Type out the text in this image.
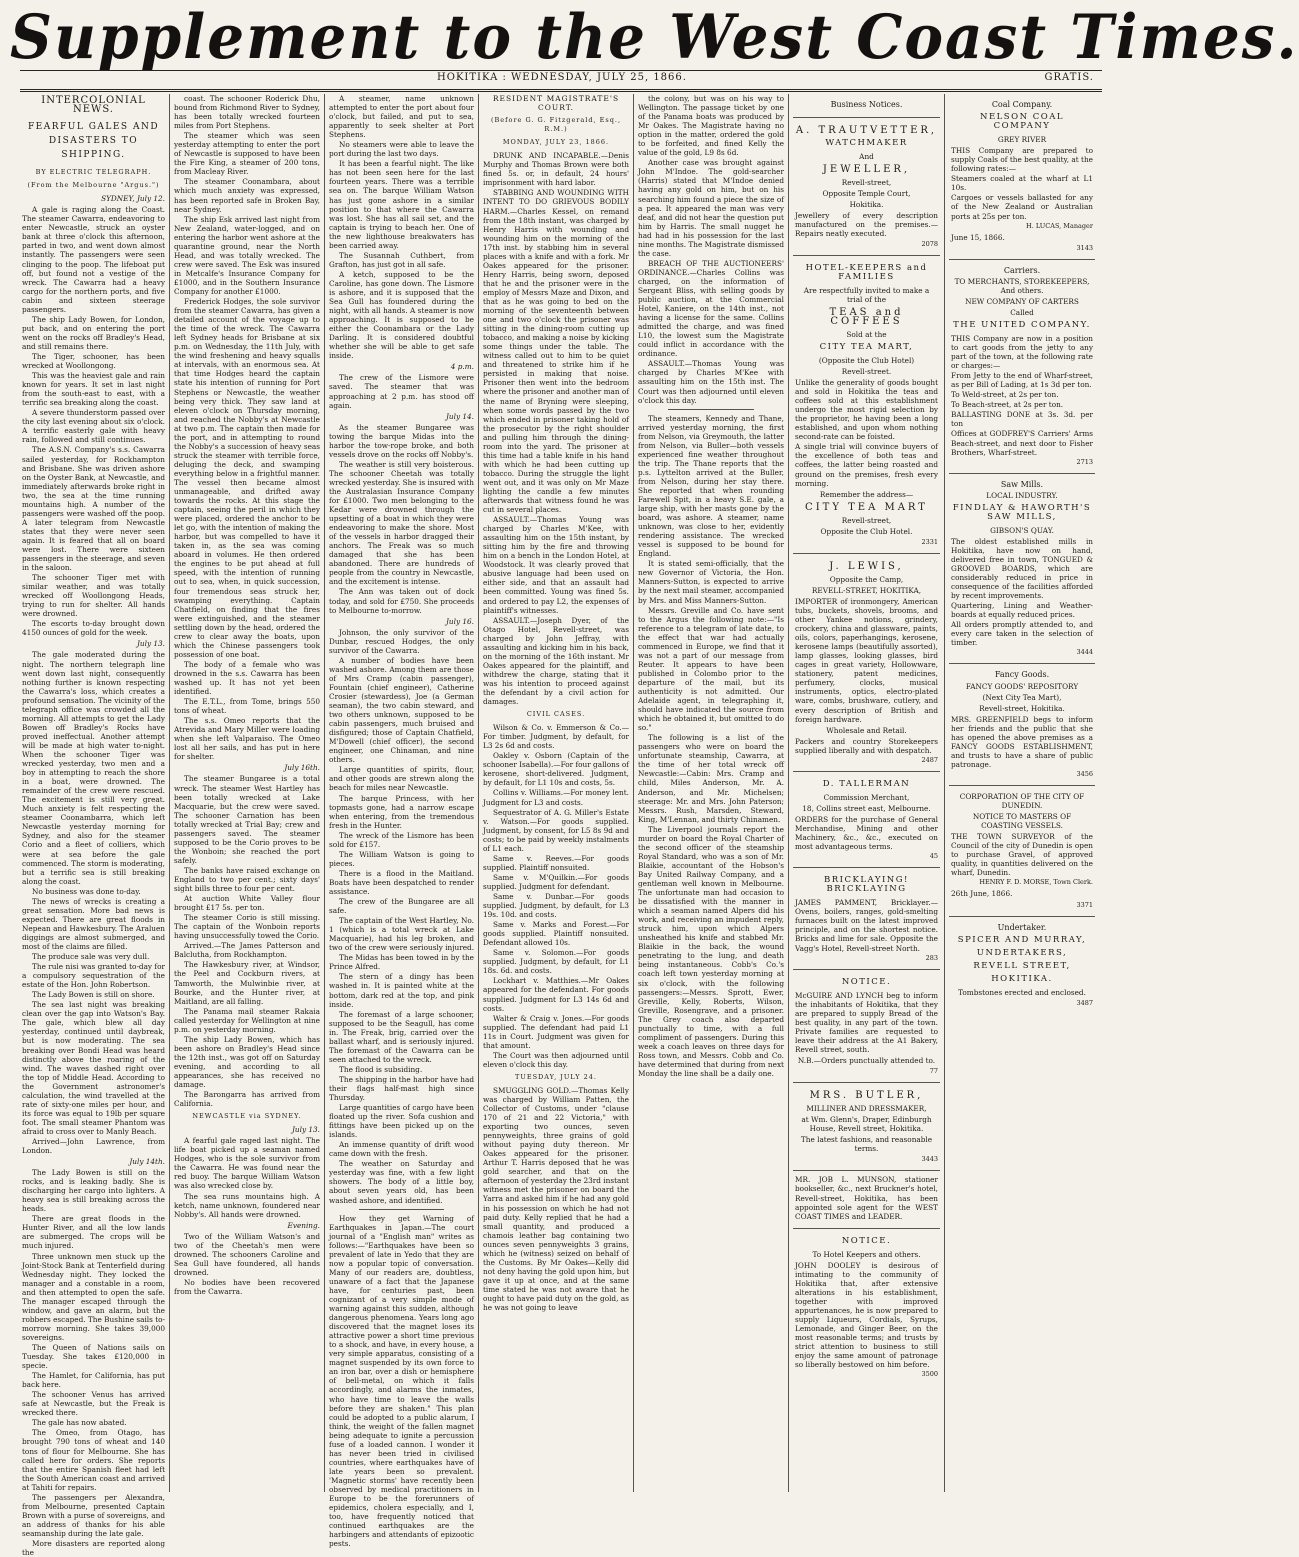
Supplement to the West Coast Times.
HOKITIKA : WEDNESDAY, JULY 25, 1866.	GRATIS.
INTERCOLONIAL NEWS.
FEARFUL GALES AND DISASTERS TO SHIPPING.
BY ELECTRIC TELEGRAPH.
(From the Melbourne "Argus.")
SYDNEY, July 12.

A gale is raging along the Coast. The steamer Cawarra, endeavoring to enter Newcastle, struck an oyster bank at three o'clock this afternoon, parted in two, and went down almost instantly. The passengers were seen clinging to the poop. The lifeboat put off, but found not a vestige of the wreck. The Cawarra had a heavy cargo for the northern ports, and five cabin and sixteen steerage passengers.

The ship Lady Bowen, for London, put back, and on entering the port went on the rocks off Bradley's Head, and still remains there.

The Tiger, schooner, has been wrecked at Woollongong.

This was the heaviest gale and rain known for years. It set in last night from the south-east to east, with a terrific sea breaking along the coast.

A severe thunderstorm passed over the city last evening about six o'clock. A terrific easterly gale with heavy rain, followed and still continues.

The A.S.N. Company's s.s. Cawarra sailed yesterday, for Rockhampton and Brisbane. She was driven ashore on the Oyster Bank, at Newcastle, and immediately afterwards broke right in two, the sea at the time running mountains high. A number of the passengers were washed off the poop. A later telegram from Newcastle states that they were never seen again. It is feared that all on board were lost. There were sixteen passengers in the steerage, and seven in the saloon.

The schooner Tiger met with similar weather, and was totally wrecked off Woollongong Heads, trying to run for shelter. All hands were drowned.

The escorts to-day brought down 4150 ounces of gold for the week.

July 13.

The gale moderated during the night. The northern telegraph line went down last night, consequently nothing further is known respecting the Cawarra's loss, which creates a profound sensation. The vicinity of the telegraph office was crowded all the morning. All attempts to get the Lady Bowen off Bradley's Rocks have proved ineffectual. Another attempt will be made at high water to-night. When the schooner Tiger was wrecked yesterday, two men and a boy in attempting to reach the shore in a boat, were drowned. The remainder of the crew were rescued. The excitement is still very great. Much anxiety is felt respecting the steamer Coonambarra, which left Newcastle yesterday morning for Sydney, and also for the steamer Corio and a fleet of colliers, which were at sea before the gale commenced. The storm is moderating, but a terrific sea is still breaking along the coast.

No business was done to-day.

The news of wrecks is creating a great sensation. More bad news is expected. There are great floods in Nepean and Hawkesbury. The Araluen diggings are almost submerged, and most of the claims are filled.

The produce sale was very dull.

The rule nisi was granted to-day for a compulsory sequestration of the estate of the Hon. John Robertson.

The Lady Bowen is still on shore.

The sea last night was breaking clean over the gap into Watson's Bay. The gale, which blew all day yesterday, continued until daybreak, but is now moderating. The sea breaking over Bondi Head was heard distinctly above the roaring of the wind. The waves dashed right over the top of Middle Head. According to the Government astronomer's calculation, the wind travelled at the rate of sixty-one miles per hour, and its force was equal to 19lb per square foot. The small steamer Phantom was afraid to cross over to Manly Beach.

Arrived—John Lawrence, from London.

July 14th.

The Lady Bowen is still on the rocks, and is leaking badly. She is discharging her cargo into lighters. A heavy sea is still breaking across the heads.

There are great floods in the Hunter River, and all the low lands are submerged. The crops will be much injured.

Three unknown men stuck up the Joint-Stock Bank at Tenterfield during Wednesday night. They locked the manager and a constable in a room, and then attempted to open the safe. The manager escaped through the window, and gave an alarm, but the robbers escaped. The Bushine sails to-morrow morning. She takes 39,000 sovereigns.

The Queen of Nations sails on Tuesday. She takes £120,000 in specie.

The Hamlet, for California, has put back here.

The schooner Venus has arrived safe at Newcastle, but the Freak is wrecked there.

The gale has now abated.

The Omeo, from Otago, has brought 790 tons of wheat and 140 tons of flour for Melbourne. She has called here for orders. She reports that the entire Spanish fleet had left the South American coast and arrived at Tahiti for repairs.

The passengers per Alexandra, from Melbourne, presented Captain Brown with a purse of sovereigns, and an address of thanks for his able seamanship during the late gale.

More disasters are reported along the

coast. The schooner Roderick Dhu, bound from Richmond River to Sydney, has been totally wrecked fourteen miles from Port Stephens.

The steamer which was seen yesterday attempting to enter the port of Newcastle is supposed to have been the Fire King, a steamer of 200 tons, from Macleay River.

The steamer Coonambara, about which much anxiety was expressed, has been reported safe in Broken Bay, near Sydney.

The ship Esk arrived last night from New Zealand, water-logged, and on entering the harbor went ashore at the quarantine ground, near the North Head, and was totally wrecked. The crew were saved. The Esk was insured in Metcalfe's Insurance Company for £1000, and in the Southern Insurance Company for another £1000.

Frederick Hodges, the sole survivor from the steamer Cawarra, has given a detailed account of the voyage up to the time of the wreck. The Cawarra left Sydney heads for Brisbane at six p.m. on Wednesday, the 11th July, with the wind freshening and heavy squalls at intervals, with an enormous sea. At that time Hodges heard the captain state his intention of running for Port Stephens or Newcastle, the weather being very thick. They saw land at eleven o'clock on Thursday morning, and reached the Nobby's at Newcastle at two p.m. The captain then made for the port, and in attempting to round the Nobby's a succession of heavy seas struck the steamer with terrible force, deluging the deck, and swamping everything below in a frightful manner. The vessel then became almost unmanageable, and drifted away towards the rocks. At this stage the captain, seeing the peril in which they were placed, ordered the anchor to be let go, with the intention of making the harbor, but was compelled to have it taken in, as the sea was coming aboard in volumes. He then ordered the engines to be put ahead at full speed, with the intention of running out to sea, when, in quick succession, four tremendous seas struck her, swamping everything. Captain Chatfield, on finding that the fires were extinguished, and the steamer settling down by the head, ordered the crew to clear away the boats, upon which the Chinese passengers took possession of one boat.

The body of a female who was drowned in the s.s. Cawarra has been washed up. It has not yet been identified.

The E.T.L., from Tome, brings 550 tons of wheat.

The s.s. Omeo reports that the Atrevida and Mary Miller were loading when she left Valparaiso. The Omeo lost all her sails, and has put in here for shelter.

July 16th.

The steamer Bungaree is a total wreck. The steamer West Hartley has been totally wrecked at Lake Macquarie, but the crew were saved. The schooner Carnation has been totally wrecked at Trial Bay; crew and passengers saved. The steamer supposed to be the Corio proves to be the Wonboin; she reached the port safely.

The banks have raised exchange on England to two per cent.; sixty days' sight bills three to four per cent.

At auction White Valley flour brought £17 5s. per ton.

The steamer Corio is still missing. The captain of the Wonboin reports having unsuccessfully towed the Corio.

Arrived.—The James Patterson and Balclutha, from Rockhampton.

The Hawkesbury river, at Windsor, the Peel and Cockburn rivers, at Tamworth, the Mulwinbie river, at Bourke, and the Hunter river, at Maitland, are all falling.

The Panama mail steamer Rakaia called yesterday for Wellington at nine p.m. on yesterday morning.

The ship Lady Bowen, which has been ashore on Bradley's Head since the 12th inst., was got off on Saturday evening, and according to all appearances, she has received no damage.

The Barongarra has arrived from California.

NEWCASTLE via SYDNEY.
July 13.

A fearful gale raged last night. The life boat picked up a seaman named Hodges, who is the sole survivor from the Cawarra. He was found near the red buoy. The barque William Watson was also wrecked close by.

The sea runs mountains high. A ketch, name unknown, foundered near Nobby's. All hands were drowned.

Evening.

Two of the William Watson's and two of the Cheetah's men were drowned. The schooners Caroline and Sea Gull have foundered, all hands drowned.

No bodies have been recovered from the Cawarra.

A steamer, name unknown attempted to enter the port about four o'clock, but failed, and put to sea, apparently to seek shelter at Port Stephens.

No steamers were able to leave the port during the last two days.

It has been a fearful night. The like has not been seen here for the last fourteen years. There was a terrible sea on. The barque William Watson has just gone ashore in a similar position to that where the Cawarra was lost. She has all sail set, and the captain is trying to beach her. One of the new lighthouse breakwaters has been carried away.

The Susannah Cuthbert, from Grafton, has just got in all safe.

A ketch, supposed to be the Caroline, has gone down. The Lismore is ashore, and it is supposed that the Sea Gull has foundered during the night, with all hands. A steamer is now approaching. It is supposed to be either the Coonambara or the Lady Darling. It is considered doubtful whether she will be able to get safe inside.

4 p.m.

The crew of the Lismore were saved. The steamer that was approaching at 2 p.m. has stood off again.

July 14.

As the steamer Bungaree was towing the barque Midas into the harbor the tow-rope broke, and both vessels drove on the rocks off Nobby's.

The weather is still very boisterous. The schooner Cheetah was totally wrecked yesterday. She is insured with the Australasian Insurance Company for £1000. Two men belonging to the Kedar were drowned through the upsetting of a boat in which they were endeavoring to make the shore. Most of the vessels in harbor dragged their anchors. The Freak was so much damaged that she has been abandoned. There are hundreds of people from the country in Newcastle, and the excitement is intense.

The Ann was taken out of dock today, and sold for £750. She proceeds to Melbourne to-morrow.

July 16.

Johnson, the only survivor of the Dunbar, rescued Hodges, the only survivor of the Cawarra.

A number of bodies have been washed ashore. Among them are those of Mrs Cramp (cabin passenger), Fountain (chief engineer), Catherine Crosier (stewardess), Joe (a German seaman), the two cabin steward, and two others unknown, supposed to be cabin passengers, much bruised and disfigured; those of Captain Chatfield, M'Dowell (chief officer), the second engineer, one Chinaman, and nine others.

Large quantities of spirits, flour, and other goods are strewn along the beach for miles near Newcastle.

The barque Princess, with her topmasts gone, had a narrow escape when entering, from the tremendous fresh in the Hunter.

The wreck of the Lismore has been sold for £157.

The William Watson is going to pieces.

There is a flood in the Maitland. Boats have been despatched to render assistance.

The crew of the Bungaree are all safe.

The captain of the West Hartley, No. 1 (which is a total wreck at Lake Macquarie), had his leg broken, and two of the crew were seriously injured.

The Midas has been towed in by the Prince Alfred.

The stern of a dingy has been washed in. It is painted white at the bottom, dark red at the top, and pink inside.

The foremast of a large schooner, supposed to be the Seagull, has come in. The Freak, brig, carried over the ballast wharf, and is seriously injured. The foremast of the Cawarra can be seen attached to the wreck.

The flood is subsiding.

The shipping in the harbor have had their flags half-mast high since Thursday.

Large quantities of cargo have been floated up the river. Sofa cushion and fittings have been picked up on the islands.

An immense quantity of drift wood came down with the fresh.

The weather on Saturday and yesterday was fine, with a few light showers. The body of a little boy, about seven years old, has been washed ashore, and identified.

How they get Warning of Earthquakes in Japan.—The court journal of a "English man" writes as follows:—"Earthquakes have been so prevalent of late in Yedo that they are now a popular topic of conversation. Many of our readers are, doubtless, unaware of a fact that the Japanese have, for centuries past, been cognizant of a very simple mode of warning against this sudden, although dangerous phenomena. Years long ago discovered that the magnet loses its attractive power a short time previous to a shock, and have, in every house, a very simple apparatus, consisting of a magnet suspended by its own force to an iron bar, over a dish or hemisphere of bell-metal, on which it falls accordingly, and alarms the inmates, who have time to leave the walls before they are shaken." This plan could be adopted to a public alarum, I think, the weight of the fallen magnet being adequate to ignite a percussion fuse of a loaded cannon. I wonder it has never been tried in civilised countries, where earthquakes have of late years been so prevalent. 'Magnetic storms' have recently been observed by medical practitioners in Europe to be the forerunners of epidemics, cholera especially, and I, too, have frequently noticed that continued earthquakes are the harbingers and attendants of epizootic pests.

RESIDENT MAGISTRATE'S COURT.
(Before G. G. Fitzgerald, Esq., R.M.)
MONDAY, JULY 23, 1866.

DRUNK AND INCAPABLE.—Denis Murphy and Thomas Brown were both fined 5s. or, in default, 24 hours' imprisonment with hard labor.

STABBING AND WOUNDING WITH INTENT TO DO GRIEVOUS BODILY HARM.—Charles Kessel, on remand from the 18th instant, was charged by Henry Harris with wounding and wounding him on the morning of the 17th inst. by stabbing him in several places with a knife and with a fork. Mr Oakes appeared for the prisoner. Henry Harris, being sworn, deposed that he and the prisoner were in the employ of Messrs Maze and Dixon, and that as he was going to bed on the morning of the seventeenth between one and two o'clock the prisoner was sitting in the dining-room cutting up tobacco, and making a noise by kicking some things under the table. The witness called out to him to be quiet and threatened to strike him if he persisted in making that noise. Prisoner then went into the bedroom where the prisoner and another man of the name of Bryning were sleeping, when some words passed by the two which ended in prisoner taking hold of the prosecutor by the right shoulder and pulling him through the dining-room into the yard. The prisoner at this time had a table knife in his hand with which he had been cutting up tobacco. During the struggle the light went out, and it was only on Mr Maze lighting the candle a few minutes afterwards that witness found he was cut in several places.

ASSAULT.—Thomas Young was charged by Charles M'Kee, with assaulting him on the 15th instant, by sitting him by the fire and throwing him on a bench in the London Hotel, at Woodstock. It was clearly proved that abusive language had been used on either side, and that an assault had been committed. Young was fined 5s. and ordered to pay L2, the expenses of plaintiff's witnesses.

ASSAULT.—Joseph Dyer, of the Otago Hotel, Revell-street, was charged by John Jeffray, with assaulting and kicking him in his back, on the morning of the 16th instant. Mr Oakes appeared for the plaintiff, and withdrew the charge, stating that it was his intention to proceed against the defendant by a civil action for damages.

CIVIL CASES.

Wilson & Co. v. Emmerson & Co.—For timber. Judgment, by default, for L3 2s 6d and costs.

Oakley v. Osborn (Captain of the schooner Isabella).—For four gallons of kerosene, short-delivered. Judgment, by default, for L1 10s and costs, 5s.

Collins v. Williams.—For money lent. Judgment for L3 and costs.

Sequestrator of A. G. Miller's Estate v. Watson.—For goods supplied. Judgment, by consent, for L5 8s 9d and costs; to be paid by weekly instalments of L1 each.

Same v. Reeves.—For goods supplied. Plaintiff nonsuited.

Same v. M'Quilkin.—For goods supplied. Judgment for defendant.

Same v. Dunbar.—For goods supplied. Judgment, by default, for L3 19s. 10d. and costs.

Same v. Marks and Forest.—For goods supplied. Plaintiff nonsuited. Defendant allowed 10s.

Same v. Solomon.—For goods supplied. Judgment, by default, for L1 18s. 6d. and costs.

Lockhart v. Matthies.—Mr Oakes appeared for the defendant. For goods supplied. Judgment for L3 14s 6d and costs.

Walter & Craig v. Jones.—For goods supplied. The defendant had paid L1 11s in Court. Judgment was given for that amount.

The Court was then adjourned until eleven o'clock this day.

TUESDAY, JULY 24.

SMUGGLING GOLD.—Thomas Kelly was charged by William Patten, the Collector of Customs, under "clause 170 of 21 and 22 Victoria," with exporting two ounces, seven pennyweights, three grains of gold without paying duty thereon. Mr Oakes appeared for the prisoner. Arthur T. Harris deposed that he was gold searcher, and that on the afternoon of yesterday the 23rd instant witness met the prisoner on board the Yarra and asked him if he had any gold in his possession on which he had not paid duty. Kelly replied that he had a small quantity, and produced a chamois leather bag containing two ounces seven pennyweights 3 grains, which he (witness) seized on behalf of the Customs. By Mr Oakes—Kelly did not deny having the gold upon him, but gave it up at once, and at the same time stated he was not aware that he ought to have paid duty on the gold, as he was not going to leave

the colony, but was on his way to Wellington. The passage ticket by one of the Panama boats was produced by Mr Oakes. The Magistrate having no option in the matter, ordered the gold to be forfeited, and fined Kelly the value of the gold, L9 8s 6d.

Another case was brought against John M'Indoe. The gold-searcher (Harris) stated that M'Indoe denied having any gold on him, but on his searching him found a piece the size of a pea. It appeared the man was very deaf, and did not hear the question put him by Harris. The small nugget he had had in his possession for the last nine months. The Magistrate dismissed the case.

BREACH OF THE AUCTIONEERS' ORDINANCE.—Charles Collins was charged, on the information of Sergeant Bliss, with selling goods by public auction, at the Commercial Hotel, Kaniere, on the 14th inst., not having a license for the same. Collins admitted the charge, and was fined L10, the lowest sum the Magistrate could inflict in accordance with the ordinance.

ASSAULT.—Thomas Young was charged by Charles M'Kee with assaulting him on the 15th inst. The Court was then adjourned until eleven o'clock this day.

The steamers, Kennedy and Thane, arrived yesterday morning, the first from Nelson, via Greymouth, the latter from Nelson, via Buller—both vessels experienced fine weather throughout the trip. The Thane reports that the p.s. Lyttelton arrived at the Buller, from Nelson, during her stay there. She reported that when rounding Farewell Spit, in a heavy S.E. gale, a large ship, with her masts gone by the board, was ashore. A steamer, name unknown, was close to her, evidently rendering assistance. The wrecked vessel is supposed to be bound for England.

It is stated semi-officially, that the new Governor of Victoria, the Hon. Manners-Sutton, is expected to arrive by the next mail steamer, accompanied by Mrs. and Miss Manners-Sutton.

Messrs. Greville and Co. have sent to the Argus the following note:—"Is reference to a telegram of late date, to the effect that war had actually commenced in Europe, we find that it was not a part of our message from Reuter. It appears to have been published in Colombo prior to the departure of the mail, but its authenticity is not admitted. Our Adelaide agent, in telegraphing it, should have indicated the source from which he obtained it, but omitted to do so."

The following is a list of the passengers who were on board the unfortunate steamship, Cawarra, at the time of her total wreck off Newcastle:—Cabin: Mrs. Cramp and child, Miles Anderson, Mr. A. Anderson, and Mr. Michelsen; steerage: Mr. and Mrs. John Paterson; Messrs. Rush, Marsden, Steward, King, M'Lennan, and thirty Chinamen.

The Liverpool journals report the murder on board the Royal Charter of the second officer of the steamship Royal Standard, who was a son of Mr. Blaikie, accountant of the Hobson's Bay United Railway Company, and a gentleman well known in Melbourne. The unfortunate man had occasion to be dissatisfied with the manner in which a seaman named Alpers did his work, and receiving an impudent reply, struck him, upon which Alpers unsheathed his knife and stabbed Mr. Blaikie in the back, the wound penetrating to the lung, and death being instantaneous. Cobb's Co.'s coach left town yesterday morning at six o'clock, with the following passengers:—Messrs. Sprott, Ewer, Greville, Kelly, Roberts, Wilson, Greville, Rosengrave, and a prisoner. The Grey coach also departed punctually to time, with a full compliment of passengers. During this week a coach leaves on three days for Ross town, and Messrs. Cobb and Co. have determined that during from next Monday the line shall be a daily one.

Business Notices.
A. TRAUTVETTER,
WATCHMAKER
And
JEWELLER,
Revell-street,
Opposite Temple Court,
Hokitika.

Jewellery of every description manufactured on the premises.—Repairs neatly executed.

2078
HOTEL-KEEPERS and FAMILIES
Are respectfully invited to make a trial of the
TEAS and COFFEES
Sold at the
CITY TEA MART,
(Opposite the Club Hotel)
Revell-street.

Unlike the generality of goods bought and sold in Hokitika the teas and coffees sold at this establishment undergo the most rigid selection by the proprietor, he having been a long established, and upon whom nothing second-rate can be foisted.

A single trial will convince buyers of the excellence of both teas and coffees, the latter being roasted and ground on the premises, fresh every morning.

Remember the address—
CITY TEA MART
Revell-street,
Opposite the Club Hotel.
2331
J. LEWIS,
Opposite the Camp,
REVELL-STREET, HOKITIKA,

IMPORTER of ironmongery, American tubs, buckets, shovels, brooms, and other Yankee notions, grindery, crockery, china and glassware, paints, oils, colors, paperhangings, kerosene, kerosene lamps (beautifully assorted), lamp glasses, looking glasses, bird cages in great variety, Hollowware, stationery, patent medicines, perfumery, clocks, musical instruments, optics, electro-plated ware, combs, brushware, cutlery, and every description of British and foreign hardware.

Wholesale and Retail.

Packers and country Storekeepers supplied liberally and with despatch.

2487
D. TALLERMAN
Commission Merchant,
18, Collins street east, Melbourne.

ORDERS for the purchase of General Merchandise, Mining and other Machinery, &c., &c., executed on most advantageous terms.

45
BRICKLAYING! BRICKLAYING

JAMES PAMMENT, Bricklayer.—Ovens, boilers, ranges, gold-smelting furnaces built on the latest improved principle, and on the shortest notice. Bricks and lime for sale. Opposite the Vagg's Hotel, Revell-street North.

283
NOTICE.

McGUIRE AND LYNCH beg to inform the inhabitants of Hokitika, that they are prepared to supply Bread of the best quality, in any part of the town. Private families are requested to leave their address at the A1 Bakery, Revell street, south.

N.B.—Orders punctually attended to.
77
MRS. BUTLER,
MILLINER AND DRESSMAKER,
at Wm. Glenn's, Draper, Edinburgh House, Revell street, Hokitika.
The latest fashions, and reasonable terms.
3443

MR. JOB L. MUNSON, stationer bookseller, &c., next Bruckner's hotel, Revell-street, Hokitika, has been appointed sole agent for the WEST COAST TIMES and LEADER.

NOTICE.
To Hotel Keepers and others.

JOHN DOOLEY is desirous of intimating to the community of Hokitika that, after extensive alterations in his establishment, together with improved appurtenances, he is now prepared to supply Liqueurs, Cordials, Syrups, Lemonade, and Ginger Beer, on the most reasonable terms; and trusts by strict attention to business to still enjoy the same amount of patronage so liberally bestowed on him before.

3500
Coal Company.
NELSON COAL COMPANY
GREY RIVER

THIS Company are prepared to supply Coals of the best quality, at the following rates:—

Steamers coaled at the wharf at L1 10s.

Cargoes or vessels ballasted for any of the New Zealand or Australian ports at 25s per ton.

H. LUCAS, Manager
June 15, 1866.
3143
Carriers.
TO MERCHANTS, STOREKEEPERS, And others.
NEW COMPANY OF CARTERS
Called
THE UNITED COMPANY.

THIS Company are now in a position to cart goods from the jetty to any part of the town, at the following rate or charges:—

From Jetty to the end of Wharf-street, as per Bill of Lading, at 1s 3d per ton.

To Weld-street, at 2s per ton.

To Beach-street, at 2s per ton.

BALLASTING DONE at 3s. 3d. per ton

Offices at GODFREY'S Carriers' Arms Beach-street, and next door to Fisher Brothers, Wharf-street.

2713
Saw Mills.
LOCAL INDUSTRY.
FINDLAY & HAWORTH'S SAW MILLS,
GIBSON'S QUAY.

The oldest established mills in Hokitika, have now on hand, delivered free in town, TONGUED & GROOVED BOARDS, which are considerably reduced in price in consequence of the facilities afforded by recent improvements.

Quartering, Lining and Weather-boards at equally reduced prices.

All orders promptly attended to, and every care taken in the selection of timber.

3444
Fancy Goods.
FANCY GOODS' REPOSITORY
(Next City Tea Mart),
Revell-street, Hokitika.

MRS. GREENFIELD begs to inform her friends and the public that she has opened the above premises as a FANCY GOODS ESTABLISHMENT, and trusts to have a share of public patronage.

3456
CORPORATION OF THE CITY OF DUNEDIN.
NOTICE TO MASTERS OF COASTING VESSELS.

THE TOWN SURVEYOR of the Council of the city of Dunedin is open to purchase Gravel, of approved quality, in quantities delivered on the wharf, Dunedin.

HENRY F. D. MORSE, Town Clerk.
26th June, 1866.
3371
Undertaker.
SPICER AND MURRAY,
UNDERTAKERS,
REVELL STREET,
HOKITIKA.
Tombstones erected and enclosed.
3487
